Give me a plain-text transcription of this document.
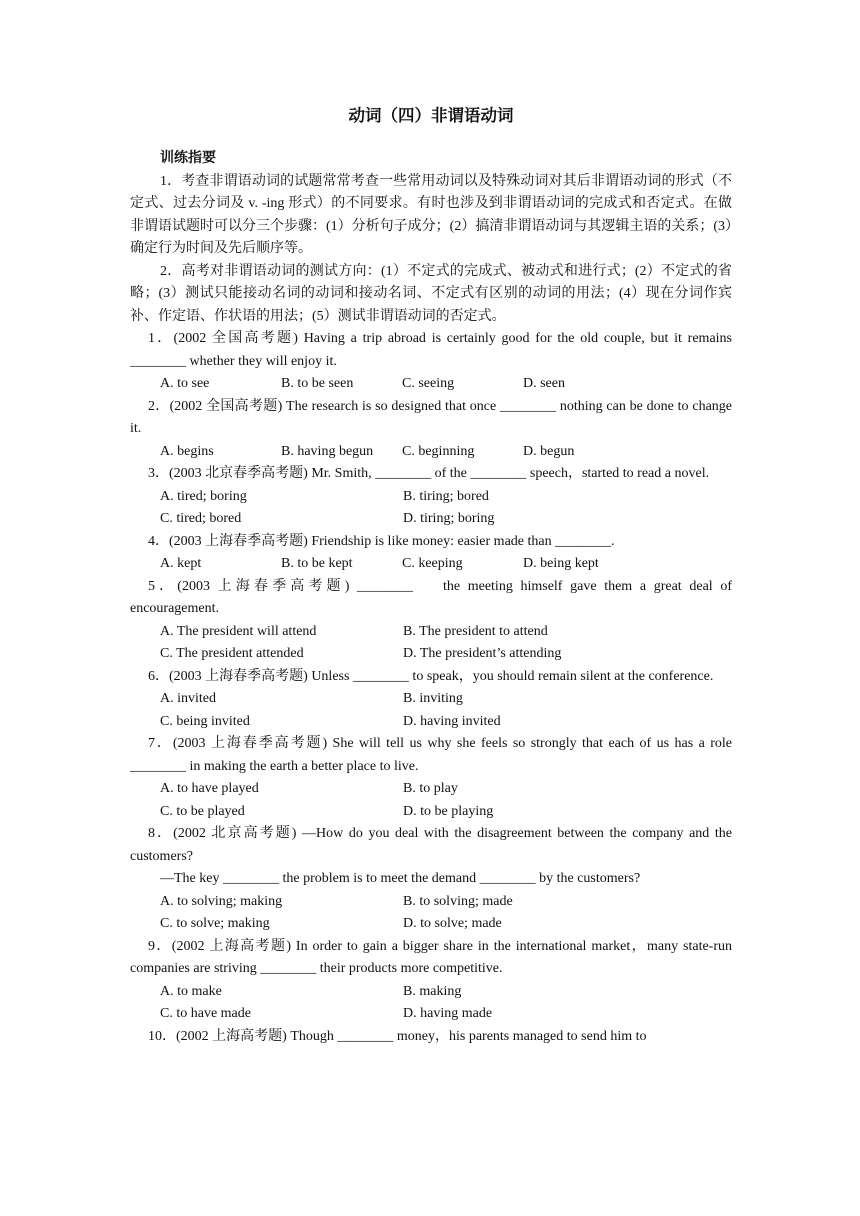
动词（四）非谓语动词
训练指要
1．考查非谓语动词的试题常常考查一些常用动词以及特殊动词对其后非谓语动词的形式（不定式、过去分词及 v. -ing 形式）的不同要求。有时也涉及到非谓语动词的完成式和否定式。在做非谓语试题时可以分三个步骤：(1）分析句子成分；(2）搞清非谓语动词与其逻辑主语的关系；(3）确定行为时间及先后顺序等。
2．高考对非谓语动词的测试方向：(1）不定式的完成式、被动式和进行式；(2）不定式的省略；(3）测试只能接动名词的动词和接动名词、不定式有区别的动词的用法；(4）现在分词作宾补、作定语、作状语的用法；(5）测试非谓语动词的否定式。
1．(2002 全国高考题) Having a trip abroad is certainly good for the old couple, but it remains ________ whether they will enjoy it.
A. to see	B. to be seen	C. seeing	D. seen
2．(2002 全国高考题) The research is so designed that once ________ nothing can be done to change it.
A. begins	B. having begun	C. beginning	D. begun
3．(2003 北京春季高考题) Mr. Smith, ________ of the ________ speech，started to read a novel.
A. tired; boring	B. tiring; bored
C. tired; bored	D. tiring; boring
4．(2003 上海春季高考题) Friendship is like money: easier made than ________.
A. kept	B. to be kept	C. keeping	D. being kept
5．(2003 上海春季高考题) ________　 the meeting himself gave them a great deal of encouragement.
A. The president will attend	B. The president to attend
C. The president attended	D. The president’s attending
6．(2003 上海春季高考题) Unless ________ to speak，you should remain silent at the conference.
A. invited	B. inviting
C. being invited	D. having invited
7．(2003 上海春季高考题) She will tell us why she feels so strongly that each of us has a role ________ in making the earth a better place to live.
A. to have played	B. to play
C. to be played	D. to be playing
8．(2002 北京高考题) —How do you deal with the disagreement between the company and the customers?
—The key ________ the problem is to meet the demand ________ by the customers?
A. to solving; making	B. to solving; made
C. to solve; making	D. to solve; made
9．(2002 上海高考题) In order to gain a bigger share in the international market，many state-run companies are striving ________ their products more competitive.
A. to make	B. making
C. to have made	D. having made
10．(2002 上海高考题) Though ________ money，his parents managed to send him to
